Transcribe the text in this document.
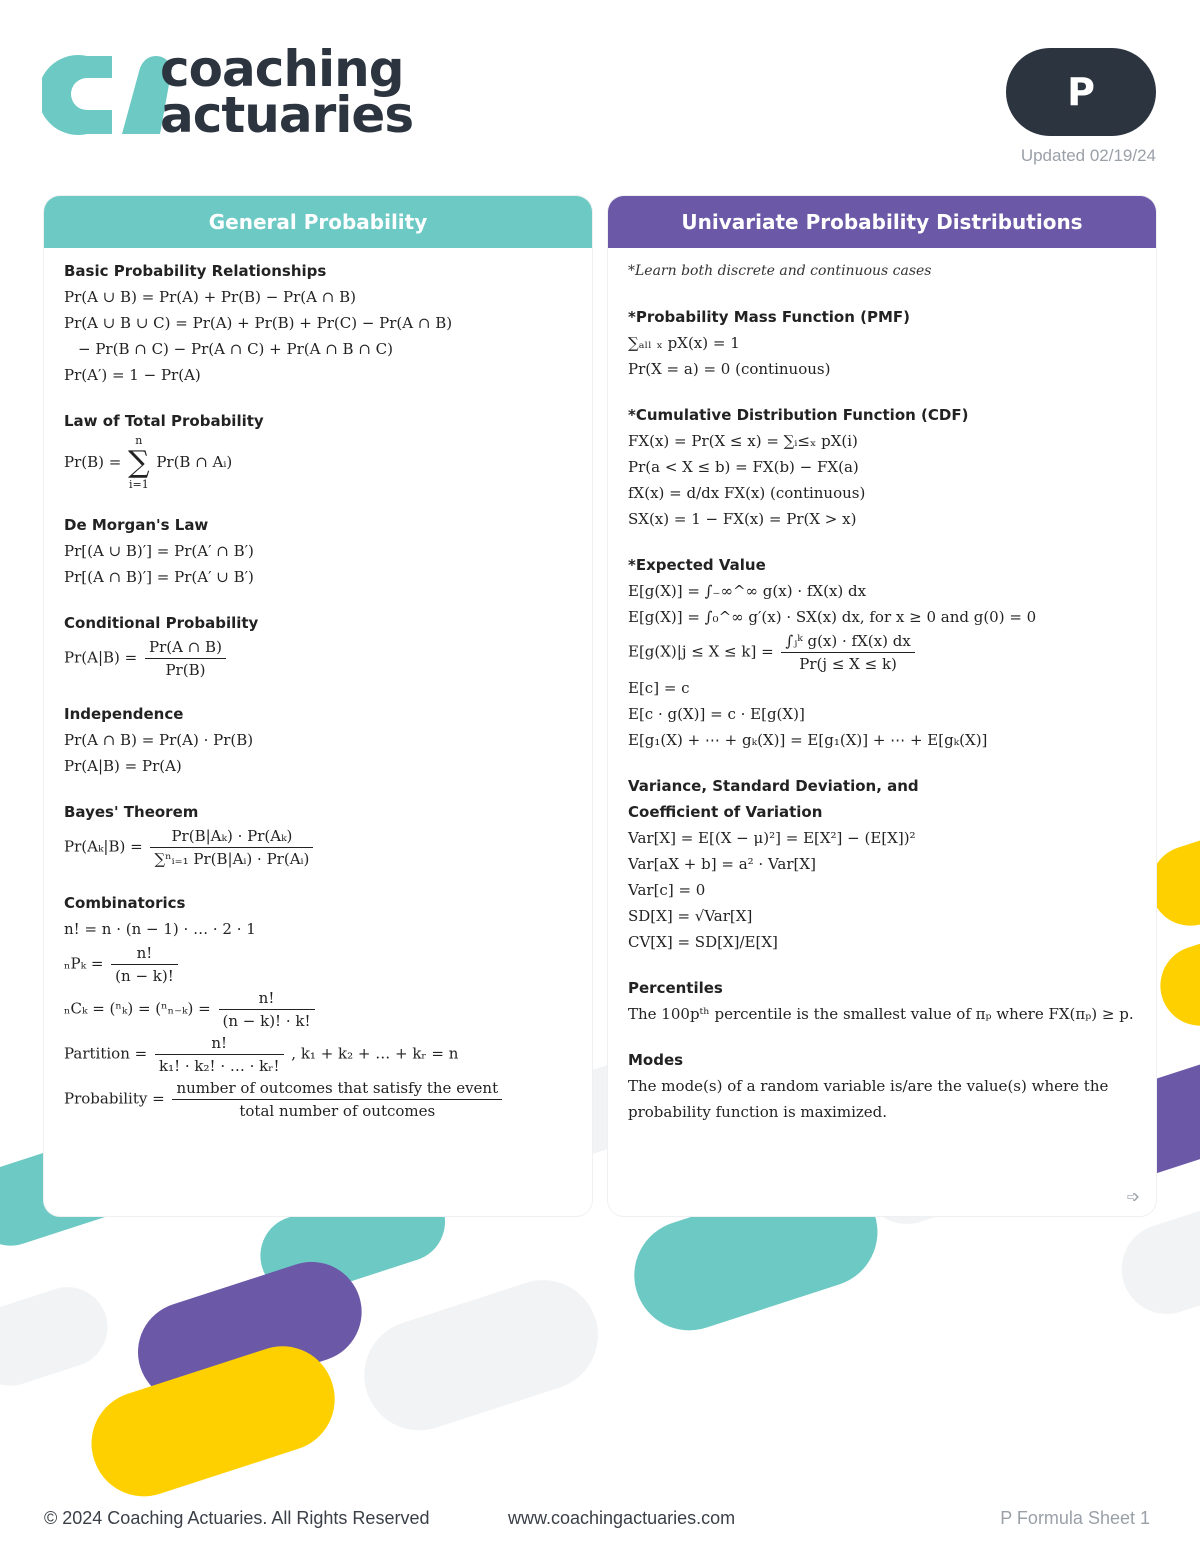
coaching
actuaries	P
Updated 02/19/24
General Probability
Basic Probability Relationships
Pr(A ∪ B) = Pr(A) + Pr(B) − Pr(A ∩ B)
Pr(A ∪ B ∪ C) = Pr(A) + Pr(B) + Pr(C) − Pr(A ∩ B)
− Pr(B ∩ C) − Pr(A ∩ C) + Pr(A ∩ B ∩ C)
Pr(A′) = 1 − Pr(A)
Law of Total Probability
Pr(B) =
n
∑
i=1
Pr(B ∩ Aᵢ)
De Morgan's Law
Pr[(A ∪ B)′] = Pr(A′ ∩ B′)
Pr[(A ∩ B)′] = Pr(A′ ∪ B′)
Conditional Probability
$Pr(A|B) = \frac{Pr(A \cap B)}{Pr(B)}$
Independence
Pr(A ∩ B) = Pr(A) · Pr(B)
Pr(A|B) = Pr(A)
Bayes' Theorem
$Pr(A_k|B) = \frac{\text{Pr(B|Aₖ) · Pr(Aₖ)}}{\text{∑ⁿᵢ₌₁ Pr(B|Aᵢ) · Pr(Aᵢ)}}$
Combinatorics
n! = n · (n − 1) · … · 2 · 1
$_nP_k = \frac{n!}{(n - k)!}$
$_nC_k = (^n_k) = (^n_{n-k}) = \frac{n!}{(n - k)! \cdot k!}$
Partition = $\frac{n!}{\text{k₁! · k₂! · … · kᵣ!}}$ , k₁ + k₂ + … + kᵣ = n
Probability = $\frac{\text{number of outcomes that satisfy the event}}{\text{total number of outcomes}}$
Univariate Probability Distributions
*Learn both discrete and continuous cases
*Probability Mass Function (PMF)
∑ₐₗₗ ₓ pX(x) = 1
Pr(X = a) = 0 (continuous)
*Cumulative Distribution Function (CDF)
FX(x) = Pr(X ≤ x) = ∑ᵢ≤ₓ pX(i)
Pr(a < X ≤ b) = FX(b) − FX(a)
fX(x) = d/dx FX(x) (continuous)
SX(x) = 1 − FX(x) = Pr(X > x)
*Expected Value
E[g(X)] = ∫₋∞^∞ g(x) · fX(x) dx
E[g(X)] = ∫₀^∞ g′(x) · SX(x) dx, for x ≥ 0 and g(0) = 0
$E[g(X)|j \le X \le k] = \frac{\text{∫ⱼᵏ g(x) · fX(x) dx}}{Pr(j \le X \le k)}$
E[c] = c
E[c · g(X)] = c · E[g(X)]
E[g₁(X) + ⋯ + gₖ(X)] = E[g₁(X)] + ⋯ + E[gₖ(X)]
Variance, Standard Deviation, and
Coefficient of Variation
Var[X] = E[(X − μ)²] = E[X²] − (E[X])²
Var[aX + b] = a² · Var[X]
Var[c] = 0
SD[X] = √Var[X]
CV[X] = SD[X]/E[X]
Percentiles
The 100pᵗʰ percentile is the smallest value of πₚ where FX(πₚ) ≥ p.
Modes
The mode(s) of a random variable is/are the value(s) where the probability function is maximized.
➩
© 2024 Coaching Actuaries. All Rights Reserved	www.coachingactuaries.com	P Formula Sheet 1
